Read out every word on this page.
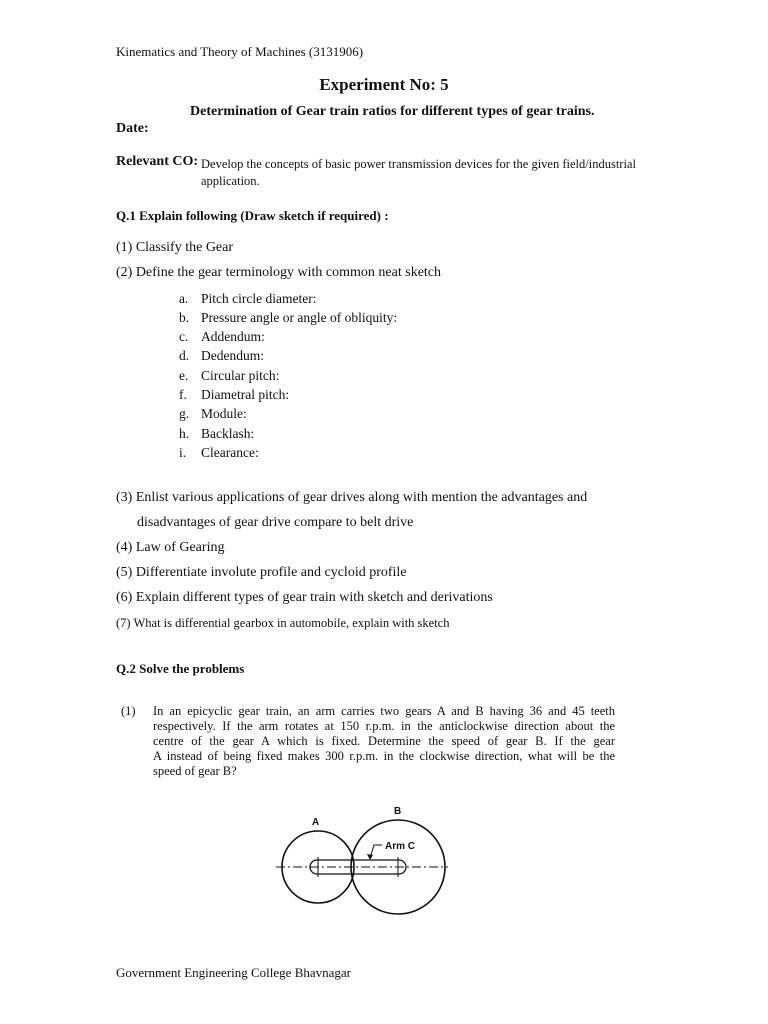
Kinematics and Theory of Machines (3131906)
Experiment No: 5
Determination of Gear train ratios for different types of gear trains.
Date:
Relevant CO: Develop the concepts of basic power transmission devices for the given field/industrial
application.
Q.1 Explain following (Draw sketch if required) :
(1) Classify the Gear
(2) Define the gear terminology with common neat sketch
a. Pitch circle diameter:
b. Pressure angle or angle of obliquity:
c. Addendum:
d. Dedendum:
e. Circular pitch:
f. Diametral pitch:
g. Module:
h. Backlash:
i. Clearance:
(3) Enlist various applications of gear drives along with mention the advantages and
disadvantages of gear drive compare to belt drive
(4) Law of Gearing
(5) Differentiate involute profile and cycloid profile
(6) Explain different types of gear train with sketch and derivations
(7) What is differential gearbox in automobile, explain with sketch
Q.2 Solve the problems
(1) In an epicyclic gear train, an arm carries two gears A and B having 36 and 45 teeth
respectively. If the arm rotates at 150 r.p.m. in the anticlockwise direction about the
centre of the gear A which is fixed. Determine the speed of gear B. If the gear
A instead of being fixed makes 300 r.p.m. in the clockwise direction, what will be the
speed of gear B?
Arm C
A
B
Government Engineering College Bhavnagar
